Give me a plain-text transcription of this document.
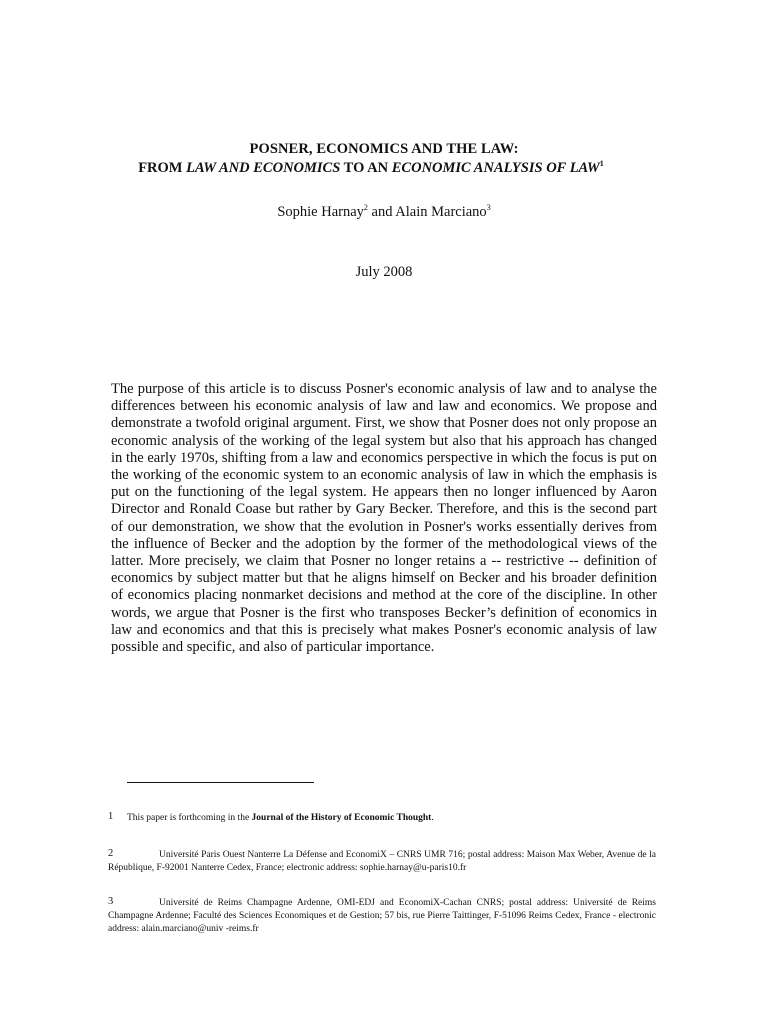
POSNER, ECONOMICS AND THE LAW:
FROM LAW AND ECONOMICS TO AN ECONOMIC ANALYSIS OF LAW$^1$
Sophie Harnay$^2$ and Alain Marciano$^3$
July 2008
The purpose of this article is to discuss Posner's economic analysis of law and to analyse the differences between his economic analysis of law and law and economics. We propose and demonstrate a twofold original argument. First, we show that Posner does not only propose an economic analysis of the working of the legal system but also that his approach has changed in the early 1970s, shifting from a law and economics perspective in which the focus is put on the working of the economic system to an economic analysis of law in which the emphasis is put on the functioning of the legal system. He appears then no longer influenced by Aaron Director and Ronald Coase but rather by Gary Becker. Therefore, and this is the second part of our demonstration, we show that the evolution in Posner's works essentially derives from the influence of Becker and the adoption by the former of the methodological views of the latter. More precisely, we claim that Posner no longer retains a -- restrictive -- definition of economics by subject matter but that he aligns himself on Becker and his broader definition of economics placing nonmarket decisions and method at the core of the discipline. In other words, we argue that Posner is the first who transposes Becker’s definition of economics in law and economics and that this is precisely what makes Posner's economic analysis of law possible and specific, and also of particular importance.
1	This paper is forthcoming in the Journal of the History of Economic Thought.
2	Université Paris Ouest Nanterre La Défense and EconomiX – CNRS UMR 716; postal address: Maison Max Weber, Avenue de la République, F-92001 Nanterre Cedex, France; electronic address: sophie.harnay@u-paris10.fr
3	Université de Reims Champagne Ardenne, OMI-EDJ and EconomiX-Cachan CNRS; postal address: Université de Reims Champagne Ardenne; Faculté des Sciences Economiques et de Gestion; 57 bis, rue Pierre Taittinger, F-51096 Reims Cedex, France - electronic address: alain.marciano@univ -reims.fr
